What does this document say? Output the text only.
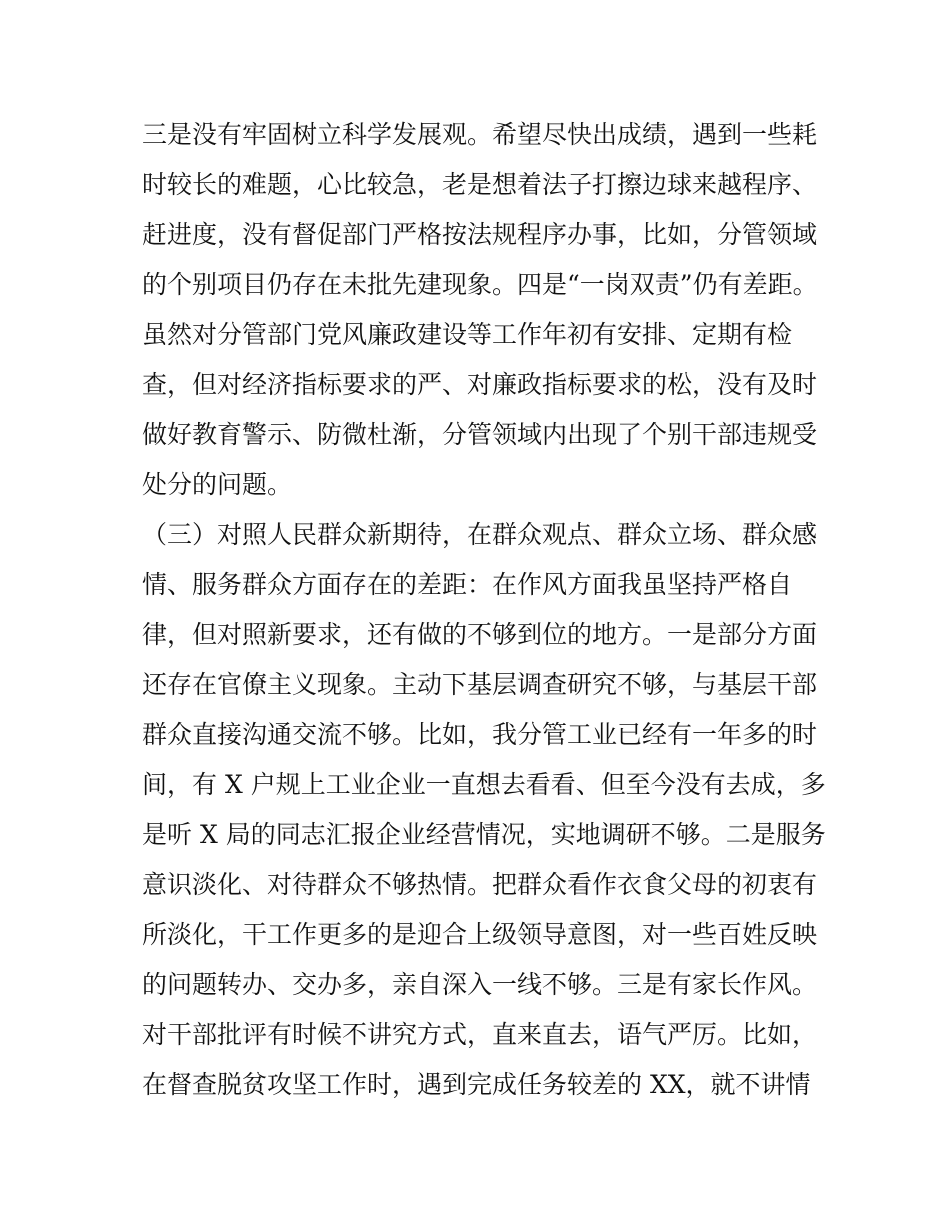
三是没有牢固树立科学发展观。希望尽快出成绩，遇到一些耗
时较长的难题，心比较急，老是想着法子打擦边球来越程序、
赶进度，没有督促部门严格按法规程序办事，比如，分管领域
的个别项目仍存在未批先建现象。四是“一岗双责”仍有差距。
虽然对分管部门党风廉政建设等工作年初有安排、定期有检
查，但对经济指标要求的严、对廉政指标要求的松，没有及时
做好教育警示、防微杜渐，分管领域内出现了个别干部违规受
处分的问题。
（三）对照人民群众新期待，在群众观点、群众立场、群众感
情、服务群众方面存在的差距：在作风方面我虽坚持严格自
律，但对照新要求，还有做的不够到位的地方。一是部分方面
还存在官僚主义现象。主动下基层调查研究不够，与基层干部
群众直接沟通交流不够。比如，我分管工业已经有一年多的时
间，有 X 户规上工业企业一直想去看看、但至今没有去成，多
是听 X 局的同志汇报企业经营情况，实地调研不够。二是服务
意识淡化、对待群众不够热情。把群众看作衣食父母的初衷有
所淡化，干工作更多的是迎合上级领导意图，对一些百姓反映
的问题转办、交办多，亲自深入一线不够。三是有家长作风。
对干部批评有时候不讲究方式，直来直去，语气严厉。比如，
在督查脱贫攻坚工作时，遇到完成任务较差的 XX，就不讲情
